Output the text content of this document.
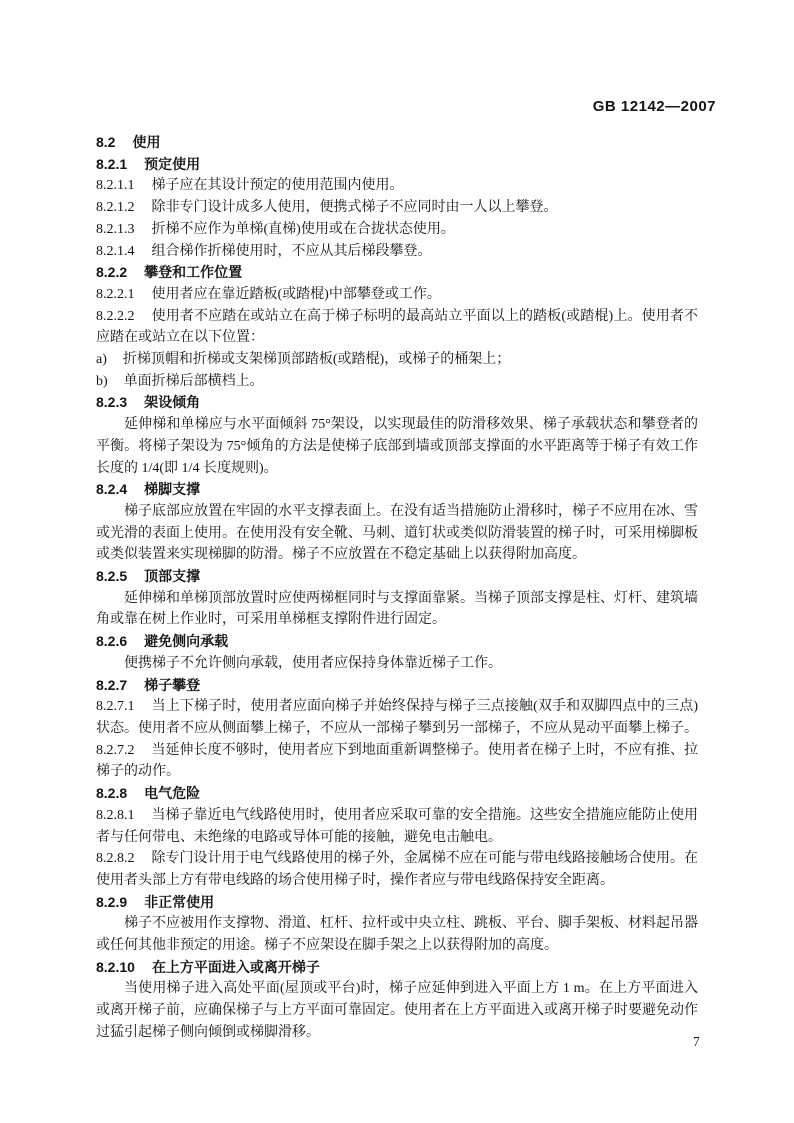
GB 12142—2007

8.2 使用

8.2.1 预定使用

8.2.1.1 梯子应在其设计预定的使用范围内使用。

8.2.1.2 除非专门设计成多人使用，便携式梯子不应同时由一人以上攀登。

8.2.1.3 折梯不应作为单梯(直梯)使用或在合拢状态使用。

8.2.1.4 组合梯作折梯使用时，不应从其后梯段攀登。

8.2.2 攀登和工作位置

8.2.2.1 使用者应在靠近踏板(或踏棍)中部攀登或工作。

8.2.2.2 使用者不应踏在或站立在高于梯子标明的最高站立平面以上的踏板(或踏棍)上。使用者不应踏在或站立在以下位置：

a) 折梯顶帽和折梯或支架梯顶部踏板(或踏棍)，或梯子的桶架上；

b) 单面折梯后部横档上。

8.2.3 架设倾角

延伸梯和单梯应与水平面倾斜 75°架设，以实现最佳的防滑移效果、梯子承载状态和攀登者的平衡。将梯子架设为 75°倾角的方法是使梯子底部到墙或顶部支撑面的水平距离等于梯子有效工作长度的 1/4(即 1/4 长度规则)。

8.2.4 梯脚支撑

梯子底部应放置在牢固的水平支撑表面上。在没有适当措施防止滑移时，梯子不应用在冰、雪或光滑的表面上使用。在使用没有安全靴、马刺、道钉状或类似防滑装置的梯子时，可采用梯脚板或类似装置来实现梯脚的防滑。梯子不应放置在不稳定基础上以获得附加高度。

8.2.5 顶部支撑

延伸梯和单梯顶部放置时应使两梯框同时与支撑面靠紧。当梯子顶部支撑是柱、灯杆、建筑墙角或靠在树上作业时，可采用单梯框支撑附件进行固定。

8.2.6 避免侧向承载

便携梯子不允许侧向承载，使用者应保持身体靠近梯子工作。

8.2.7 梯子攀登

8.2.7.1 当上下梯子时，使用者应面向梯子并始终保持与梯子三点接触(双手和双脚四点中的三点)状态。使用者不应从侧面攀上梯子，不应从一部梯子攀到另一部梯子，不应从晃动平面攀上梯子。

8.2.7.2 当延伸长度不够时，使用者应下到地面重新调整梯子。使用者在梯子上时，不应有推、拉梯子的动作。

8.2.8 电气危险

8.2.8.1 当梯子靠近电气线路使用时，使用者应采取可靠的安全措施。这些安全措施应能防止使用者与任何带电、未绝缘的电路或导体可能的接触，避免电击触电。

8.2.8.2 除专门设计用于电气线路使用的梯子外，金属梯不应在可能与带电线路接触场合使用。在使用者头部上方有带电线路的场合使用梯子时，操作者应与带电线路保持安全距离。

8.2.9 非正常使用

梯子不应被用作支撑物、滑道、杠杆、拉杆或中央立柱、跳板、平台、脚手架板、材料起吊器或任何其他非预定的用途。梯子不应架设在脚手架之上以获得附加的高度。

8.2.10 在上方平面进入或离开梯子

当使用梯子进入高处平面(屋顶或平台)时，梯子应延伸到进入平面上方 1 m。在上方平面进入或离开梯子前，应确保梯子与上方平面可靠固定。使用者在上方平面进入或离开梯子时要避免动作过猛引起梯子侧向倾倒或梯脚滑移。

7
